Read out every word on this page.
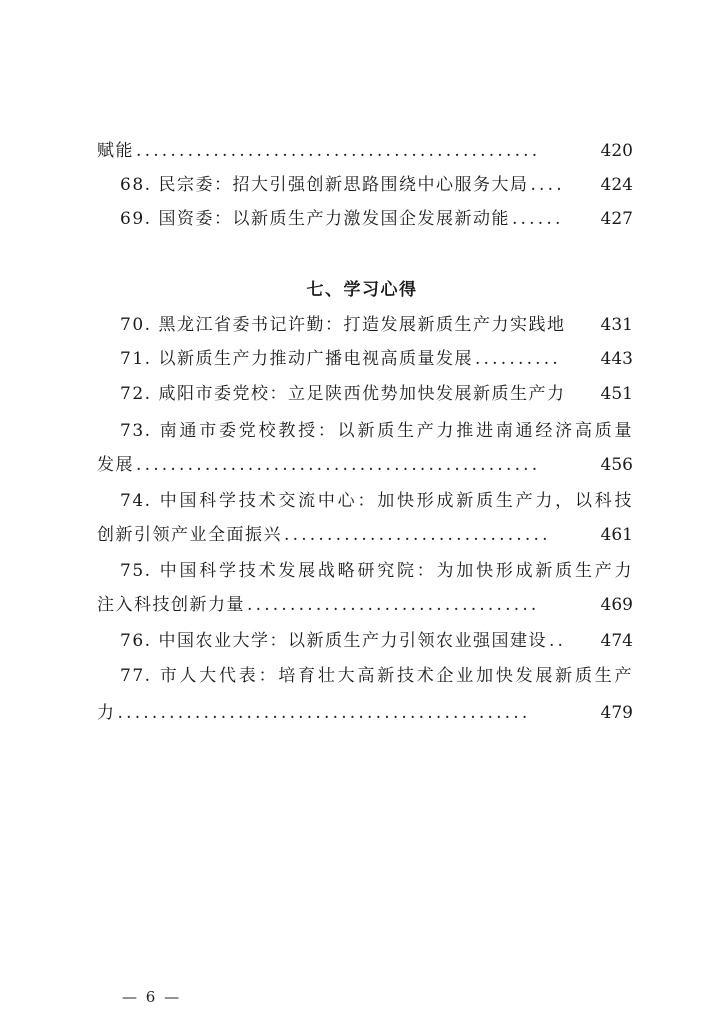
赋能 ...............................................	420
68. 民宗委：招大引强创新思路围绕中心服务大局 ....	424
69. 国资委：以新质生产力激发国企发展新动能 ......	427
七、学习心得
70. 黑龙江省委书记许勤：打造发展新质生产力实践地	431
71. 以新质生产力推动广播电视高质量发展 ..........	443
72. 咸阳市委党校：立足陕西优势加快发展新质生产力	451
73. 南通市委党校教授：以新质生产力推进南通经济高质量
发展 ...............................................	456
74. 中国科学技术交流中心：加快形成新质生产力，以科技
创新引领产业全面振兴 ...............................	461
75. 中国科学技术发展战略研究院：为加快形成新质生产力
注入科技创新力量 ..................................	469
76. 中国农业大学：以新质生产力引领农业强国建设 ..	474
77. 市人大代表：培育壮大高新技术企业加快发展新质生产
力 ................................................	479
— 6 —
